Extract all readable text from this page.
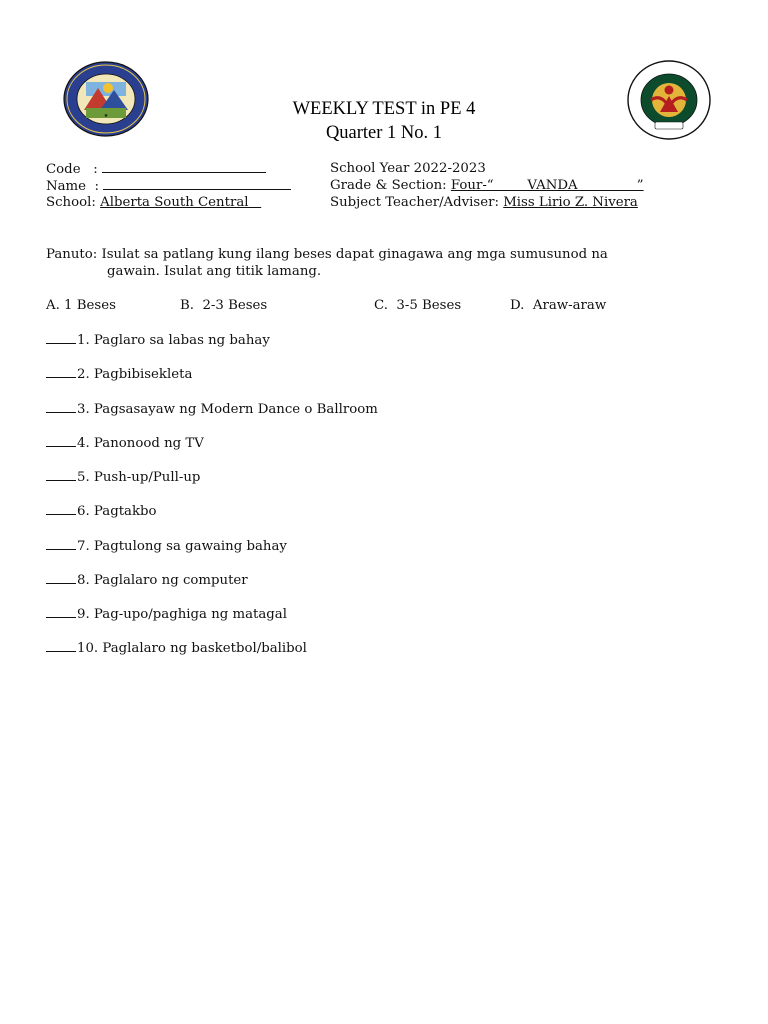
★	WEEKLY TEST in PE 4
Quarter 1 No. 1
Code   :
Name  :
School: Alberta South Central
School Year 2022-2023
Grade & Section: Four-“        VANDA              ”
Subject Teacher/Adviser: Miss Lirio Z. Nivera
Panuto: Isulat sa patlang kung ilang beses dapat ginagawa ang mga sumusunod na
gawain. Isulat ang titik lamang.
A. 1 Beses	B.  2-3 Beses	C.  3-5 Beses	D.  Araw-araw
1. Paglaro sa labas ng bahay
2. Pagbibisekleta
3. Pagsasayaw ng Modern Dance o Ballroom
4. Panonood ng TV
5. Push-up/Pull-up
6. Pagtakbo
7. Pagtulong sa gawaing bahay
8. Paglalaro ng computer
9. Pag-upo/paghiga ng matagal
10. Paglalaro ng basketbol/balibol
